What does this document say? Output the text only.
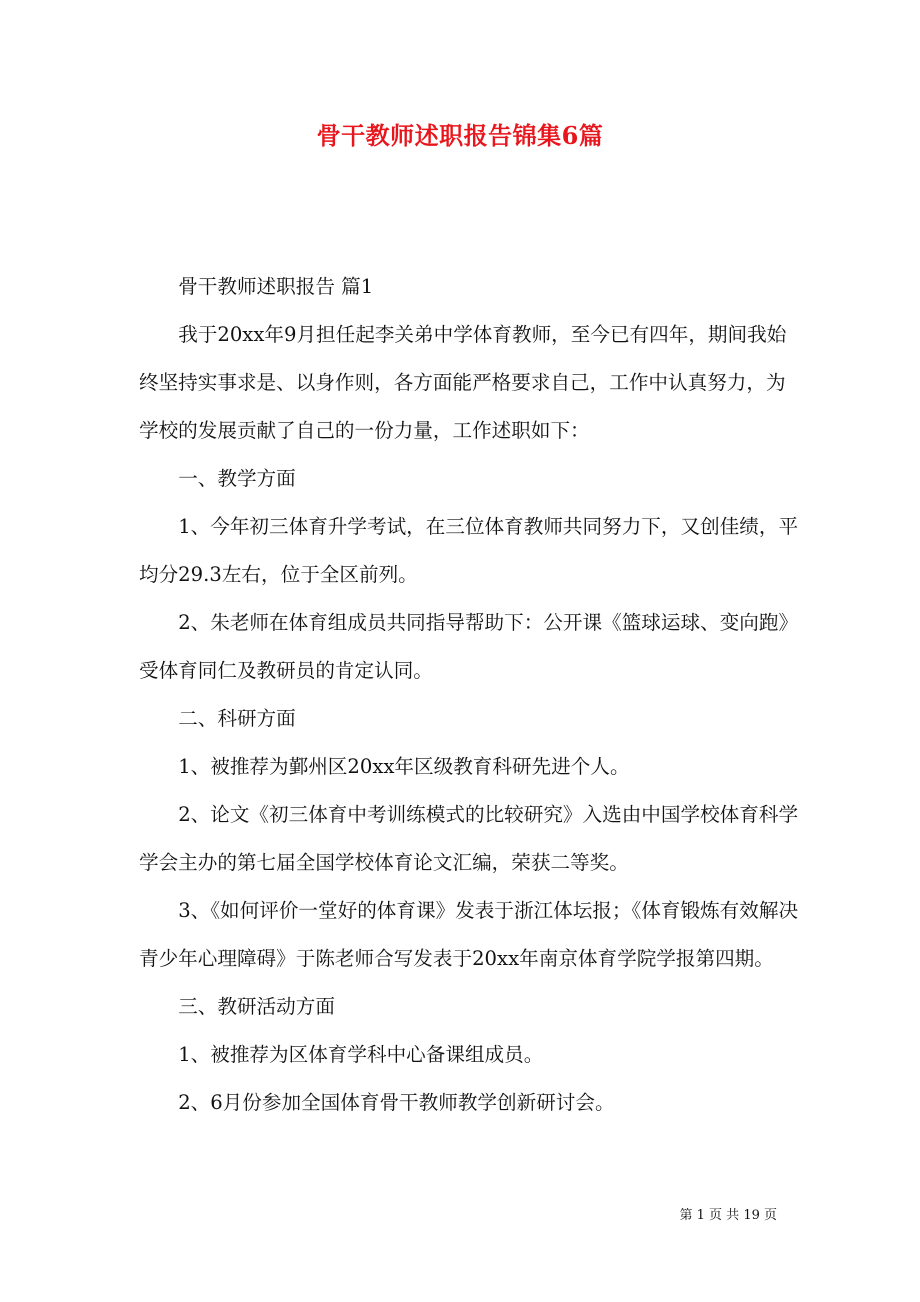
骨干教师述职报告锦集6篇

骨干教师述职报告 篇1

我于20xx年9月担任起李关弟中学体育教师，至今已有四年，期间我始终坚持实事求是、以身作则，各方面能严格要求自己，工作中认真努力，为学校的发展贡献了自己的一份力量，工作述职如下：

一、教学方面

1、今年初三体育升学考试，在三位体育教师共同努力下，又创佳绩，平均分29.3左右，位于全区前列。

2、朱老师在体育组成员共同指导帮助下：公开课《篮球运球、变向跑》受体育同仁及教研员的肯定认同。

二、科研方面

1、被推荐为鄞州区20xx年区级教育科研先进个人。

2、论文《初三体育中考训练模式的比较研究》入选由中国学校体育科学学会主办的第七届全国学校体育论文汇编，荣获二等奖。

3、《如何评价一堂好的体育课》发表于浙江体坛报；《体育锻炼有效解决青少年心理障碍》于陈老师合写发表于20xx年南京体育学院学报第四期。

三、教研活动方面

1、被推荐为区体育学科中心备课组成员。

2、6月份参加全国体育骨干教师教学创新研讨会。

第 1 页 共 19 页
